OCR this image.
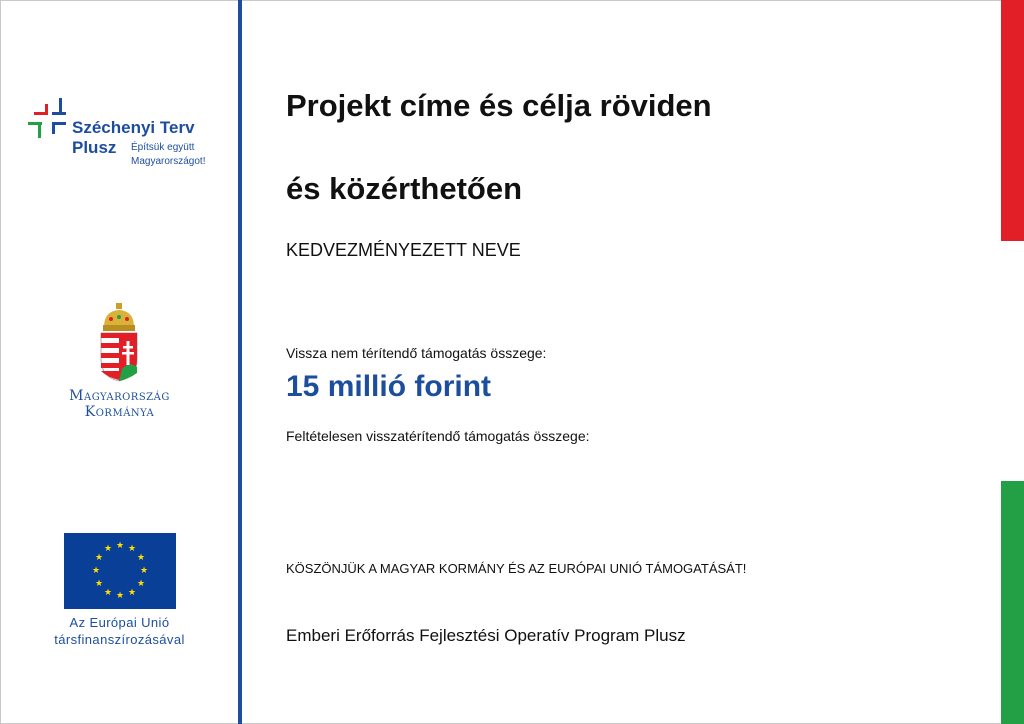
Széchenyi Terv
Plusz Építsük együtt
Magyarországot!
Magyarország
Kormánya
★ ★
★
★
★
★
★
★
★
★
★
★
Az Európai Unió
társfinanszírozásával
Projekt címe és célja röviden
és közérthetően
KEDVEZMÉNYEZETT NEVE
Vissza nem térítendő támogatás összege:
15 millió forint
Feltételesen visszatérítendő támogatás összege:
KÖSZÖNJÜK A MAGYAR KORMÁNY ÉS AZ EURÓPAI UNIÓ TÁMOGATÁSÁT!
Emberi Erőforrás Fejlesztési Operatív Program Plusz
